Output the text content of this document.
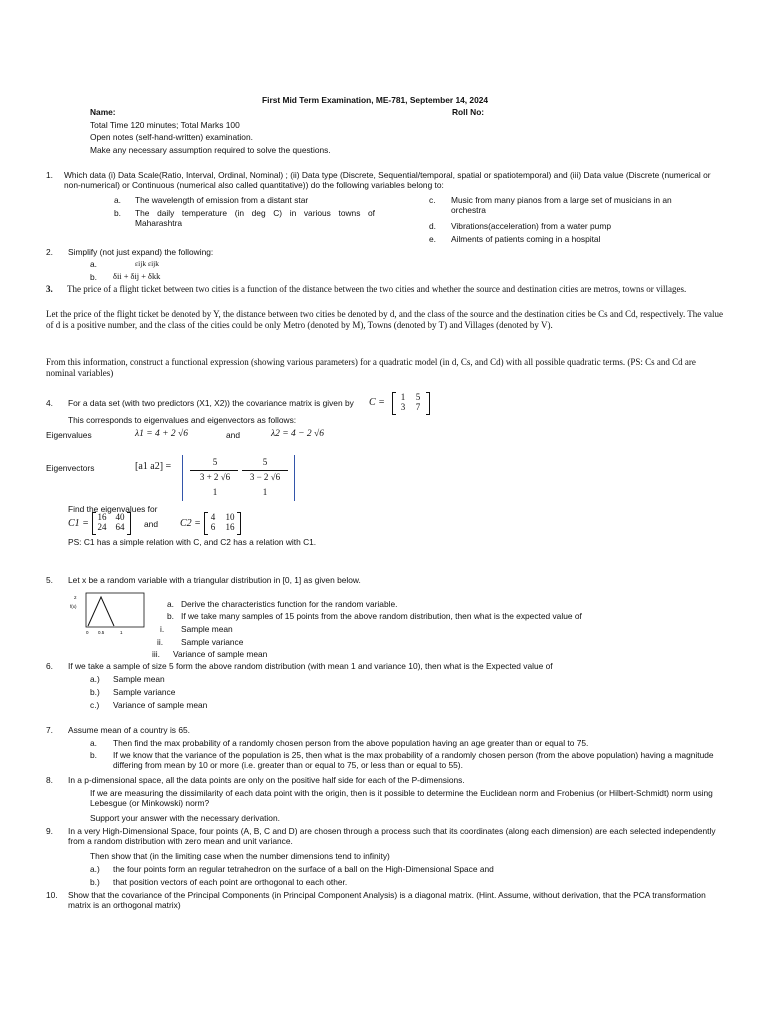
First Mid Term Examination, ME-781, September 14, 2024
Name:	Roll No:
Total Time 120 minutes; Total Marks 100
Open notes (self-hand-written) examination.
Make any necessary assumption required to solve the questions.
1. Which data (i) Data Scale(Ratio, Interval, Ordinal, Nominal) ; (ii) Data type (Discrete, Sequential/temporal, spatial or spatiotemporal) and (iii) Data value (Discrete (numerical or non-numerical) or Continuous (numerical also called quantitative)) do the following variables belong to:
a. The wavelength of emission from a distant star
b. The daily temperature (in deg C) in various towns of Maharashtra
c. Music from many pianos from a large set of musicians in an orchestra
d. Vibrations(acceleration) from a water pump
e. Ailments of patients coming in a hospital
2. Simplify (not just expand) the following:
a.	εijk εijk
b. δii + δij + δkk
3. The price of a flight ticket between two cities is a function of the distance between the two cities and whether the source and destination cities are metros, towns or villages.
Let the price of the flight ticket be denoted by Y, the distance between two cities be denoted by d, and the class of the source and the destination cities be Cs and Cd, respectively. The value of d is a positive number, and the class of the cities could be only Metro (denoted by M), Towns (denoted by T) and Villages (denoted by V).
From this information, construct a functional expression (showing various parameters) for a quadratic model (in d, Cs, and Cd) with all possible quadratic terms. (PS: Cs and Cd are nominal variables)
4. For a data set (with two predictors (X1, X2)) the covariance matrix is given by C =	1	5
3	7
This corresponds to eigenvalues and eigenvectors as follows:
Eigenvalues	λ1 = 4 + 2 √6	and	λ2 = 4 − 2 √6
Eigenvectors	[a1 a2] =	5
3 + 2 √6
5
3 − 2 √6
1	1
Find the eigenvalues for
C1 =
16 40
24 64 and C2 =
4	10
6	16
PS: C1 has a simple relation with C, and C2 has a relation with C1.
5. Let x be a random variable with a triangular distribution in [0, 1] as given below.
2
f(x)
0 0.5	1
a. Derive the characteristics function for the random variable.
b. If we take many samples of 15 points from the above random distribution, then what is the expected value of
i. Sample mean
ii. Sample variance
iii. Variance of sample mean
6. If we take a sample of size 5 form the above random distribution (with mean 1 and variance 10), then what is the Expected value of
a.) Sample mean
b.) Sample variance
c.) Variance of sample mean
7. Assume mean of a country is 65.
a. Then find the max probability of a randomly chosen person from the above population having an age greater than or equal to 75.
b. If we know that the variance of the population is 25, then what is the max probability of a randomly chosen person (from the above population) having a magnitude differing from mean by 10 or more (i.e. greater than or equal to 75, or less than or equal to 55).
8. In a p-dimensional space, all the data points are only on the positive half side for each of the P-dimensions.
If we are measuring the dissimilarity of each data point with the origin, then is it possible to determine the Euclidean norm and Frobenius (or Hilbert-Schmidt) norm using Lebesgue (or Minkowski) norm?
Support your answer with the necessary derivation.
9. In a very High-Dimensional Space, four points (A, B, C and D) are chosen through a process such that its coordinates (along each dimension) are each selected independently from a random distribution with zero mean and unit variance.
Then show that (in the limiting case when the number dimensions tend to infinity)
a.) the four points form an regular tetrahedron on the surface of a ball on the High-Dimensional Space and
b.) that position vectors of each point are orthogonal to each other.
10. Show that the covariance of the Principal Components (in Principal Component Analysis) is a diagonal matrix. (Hint. Assume, without derivation, that the PCA transformation matrix is an orthogonal matrix)
